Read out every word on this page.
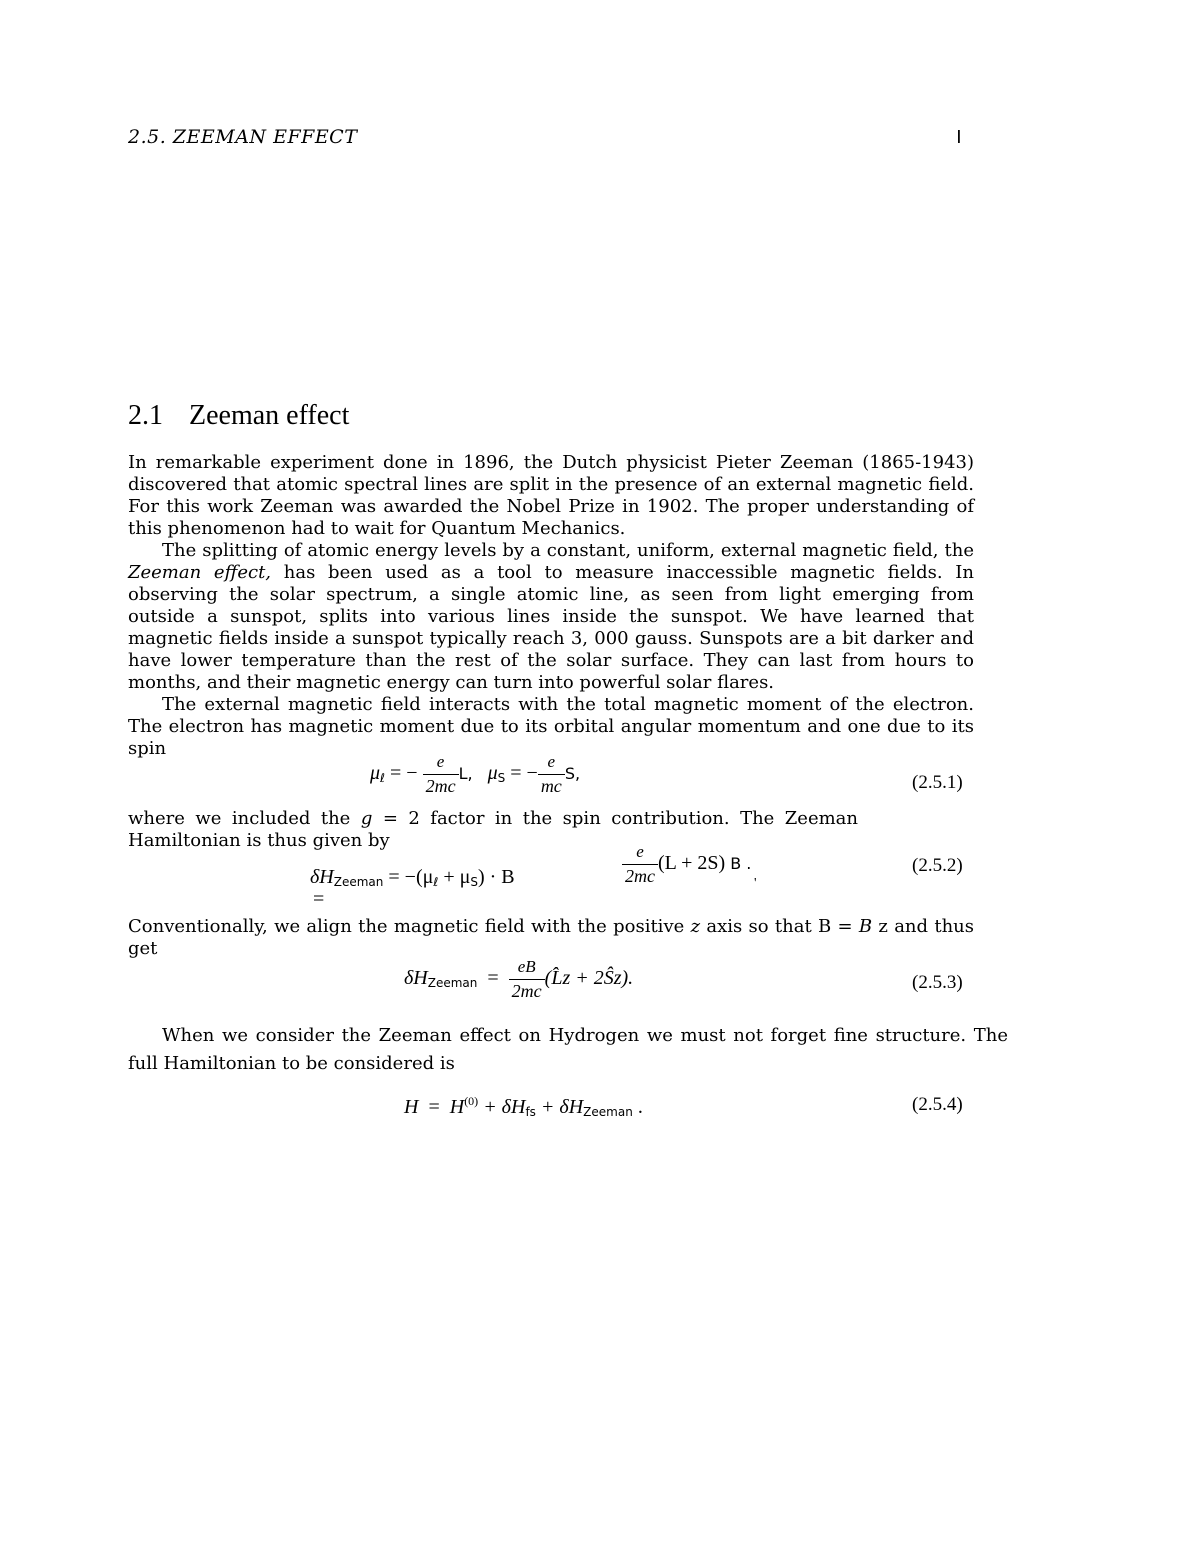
2.5. ZEEMAN EFFECT	I
2.1 Zeeman effect

In remarkable experiment done in 1896, the Dutch physicist Pieter Zeeman (1865-1943) discovered that atomic spectral lines are split in the presence of an external magnetic field. For this work Zeeman was awarded the Nobel Prize in 1902. The proper understanding of this phenomenon had to wait for Quantum Mechanics.

The splitting of atomic energy levels by a constant, uniform, external magnetic field, the Zeeman effect, has been used as a tool to measure inaccessible magnetic fields. In observing the solar spectrum, a single atomic line, as seen from light emerging from outside a sunspot, splits into various lines inside the sunspot. We have learned that magnetic fields inside a sunspot typically reach 3, 000 gauss. Sunspots are a bit darker and have lower temperature than the rest of the solar surface. They can last from hours to months, and their magnetic energy can turn into powerful solar flares.

The external magnetic field interacts with the total magnetic moment of the electron. The electron has magnetic moment due to its orbital angular momentum and one due to its spin

$\mu_\ell$ = − $\frac{e}{2mc} L$, $\mu_S$ = − $\frac{e}{mc} S$,	(2.5.1)

where we included the g = 2 factor in the spin contribution. The Zeeman Hamiltonian is thus given by

$\delta H_{Zeeman} = -(\mu_\ell + \mu_S) \cdot B$
=
$\frac{e}{2mc} (L + 2S)$ B .
'
(2.5.2)

Conventionally, we align the magnetic field with the positive z axis so that B = B z and thus get

$\delta H_{Zeeman} = \frac{eB}{2mc}$ (L̂z + 2Ŝz).	(2.5.3)

When we consider the Zeeman effect on Hydrogen we must not forget fine structure. The full Hamiltonian to be considered is

$H = H^{(0)} + \delta H_{fs} + \delta H_{Zeeman}$ .	(2.5.4)
